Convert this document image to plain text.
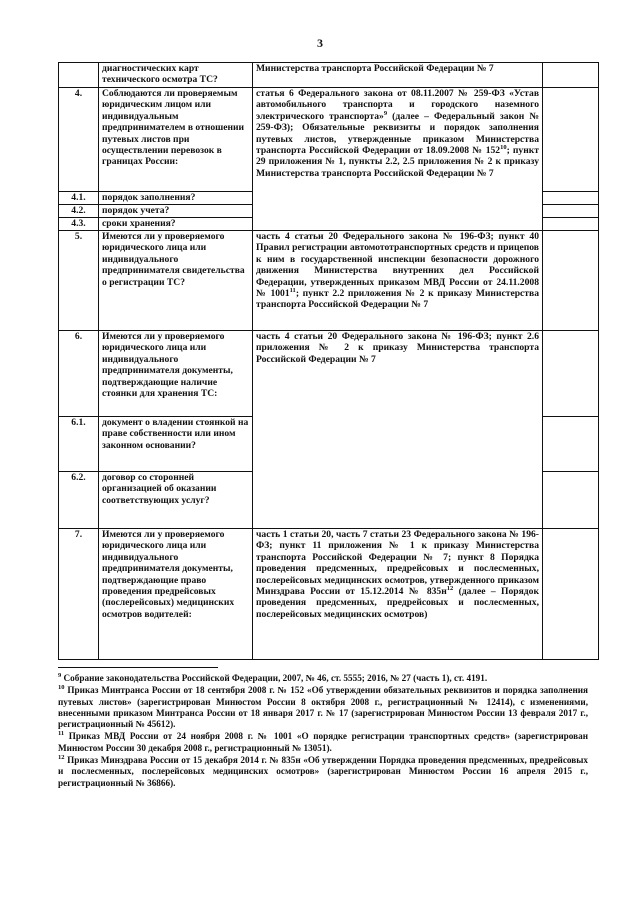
3
	диагностических карт технического осмотра ТС?	Министерства транспорта Российской Федерации № 7	
4.	Соблюдаются ли проверяемым юридическим лицом или индивидуальным предпринимателем в отношении путевых листов при осуществлении перевозок в границах России:	статья 6 Федерального закона от 08.11.2007 № 259-ФЗ «Устав автомобильного транспорта и городского наземного электрического транспорта»$^9$ (далее – Федеральный закон № 259-ФЗ); Обязательные реквизиты и порядок заполнения путевых листов, утвержденные приказом Министерства транспорта Российской Федерации от 18.09.2008 № $152^{10}$; пункт 29 приложения № 1, пункты 2.2, 2.5 приложения № 2 к приказу Министерства транспорта Российской Федерации № 7	
4.1.	порядок заполнения?		
4.2.	порядок учета?		
4.3.	сроки хранения?		
5.	Имеются ли у проверяемого юридического лица или индивидуального предпринимателя свидетельства о регистрации ТС?	часть 4 статьи 20 Федерального закона № 196-ФЗ; пункт 40 Правил регистрации автомототранспортных средств и прицепов к ним в государственной инспекции безопасности дорожного движения Министерства внутренних дел Российской Федерации, утвержденных приказом МВД России от 24.11.2008 № 1001$^{11}$; пункт 2.2 приложения № 2 к приказу Министерства транспорта Российской Федерации № 7	
6.	Имеются ли у проверяемого юридического лица или индивидуального предпринимателя документы, подтверждающие наличие стоянки для хранения ТС:	часть 4 статьи 20 Федерального закона № 196-ФЗ; пункт 2.6 приложения № 2 к приказу Министерства транспорта Российской Федерации № 7	
6.1.	документ о владении стоянкой на праве собственности или ином законном основании?		
6.2.	договор со сторонней организацией об оказании соответствующих услуг?		
7.	Имеются ли у проверяемого юридического лица или индивидуального предпринимателя документы, подтверждающие право проведения предрейсовых (послерейсовых) медицинских осмотров водителей:	часть 1 статьи 20, часть 7 статьи 23 Федерального закона № 196-ФЗ; пункт 11 приложения № 1 к приказу Министерства транспорта Российской Федерации № 7; пункт 8 Порядка проведения предсменных, предрейсовых и послесменных, послерейсовых медицинских осмотров, утвержденного приказом Минздрава России от 15.12.2014 № $835н^{12}$ (далее – Порядок проведения предсменных, предрейсовых и послесменных, послерейсовых медицинских осмотров)	

$^9$ Собрание законодательства Российской Федерации, 2007, № 46, ст. 5555; 2016, № 27 (часть 1), ст. 4191.

$^{10}$ Приказ Минтранса России от 18 сентября 2008 г. № 152 «Об утверждении обязательных реквизитов и порядка заполнения путевых листов» (зарегистрирован Минюстом России 8 октября 2008 г., регистрационный № 12414), с изменениями, внесенными приказом Минтранса России от 18 января 2017 г. № 17 (зарегистрирован Минюстом России 13 февраля 2017 г., регистрационный № 45612).

$^{11}$ Приказ МВД России от 24 ноября 2008 г. № 1001 «О порядке регистрации транспортных средств» (зарегистрирован Минюстом России 30 декабря 2008 г., регистрационный № 13051).

$^{12}$ Приказ Минздрава России от 15 декабря 2014 г. № 835н «Об утверждении Порядка проведения предсменных, предрейсовых и послесменных, послерейсовых медицинских осмотров» (зарегистрирован Минюстом России 16 апреля 2015 г., регистрационный № 36866).
